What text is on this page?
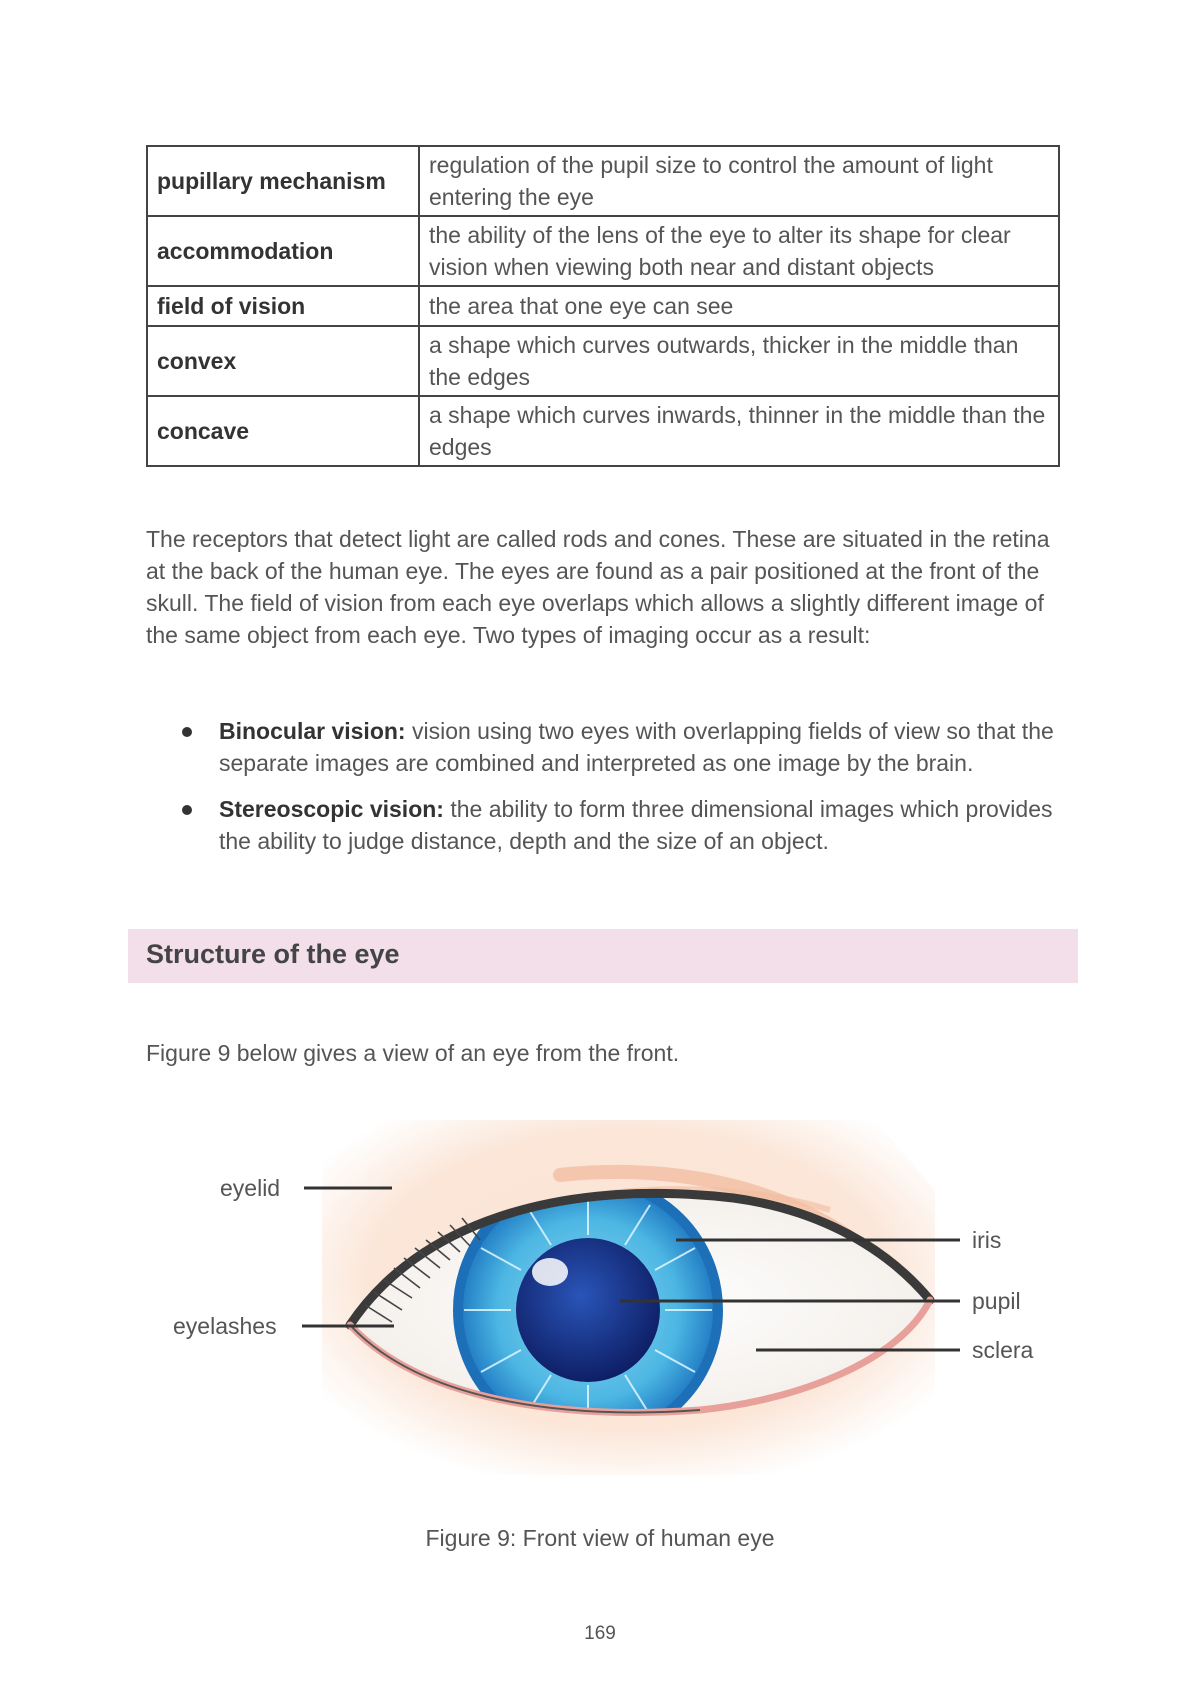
pupillary mechanism	regulation of the pupil size to control the amount of light entering the eye
accommodation	the ability of the lens of the eye to alter its shape for clear vision when viewing both near and distant objects
field of vision	the area that one eye can see
convex	a shape which curves outwards, thicker in the middle than the edges
concave	a shape which curves inwards, thinner in the middle than the edges

The receptors that detect light are called rods and cones. These are situated in the retina at the back of the human eye. The eyes are found as a pair positioned at the front of the skull. The field of vision from each eye overlaps which allows a slightly different image of the same object from each eye. Two types of imaging occur as a result:

Binocular vision: vision using two eyes with overlapping fields of view so that the separate images are combined and interpreted as one image by the brain.
Stereoscopic vision: the ability to form three dimensional images which provides the ability to judge distance, depth and the size of an object.
Structure of the eye

Figure 9 below gives a view of an eye from the front.

eyelid
eyelashes
iris
pupil
sclera

Figure 9: Front view of human eye

169
